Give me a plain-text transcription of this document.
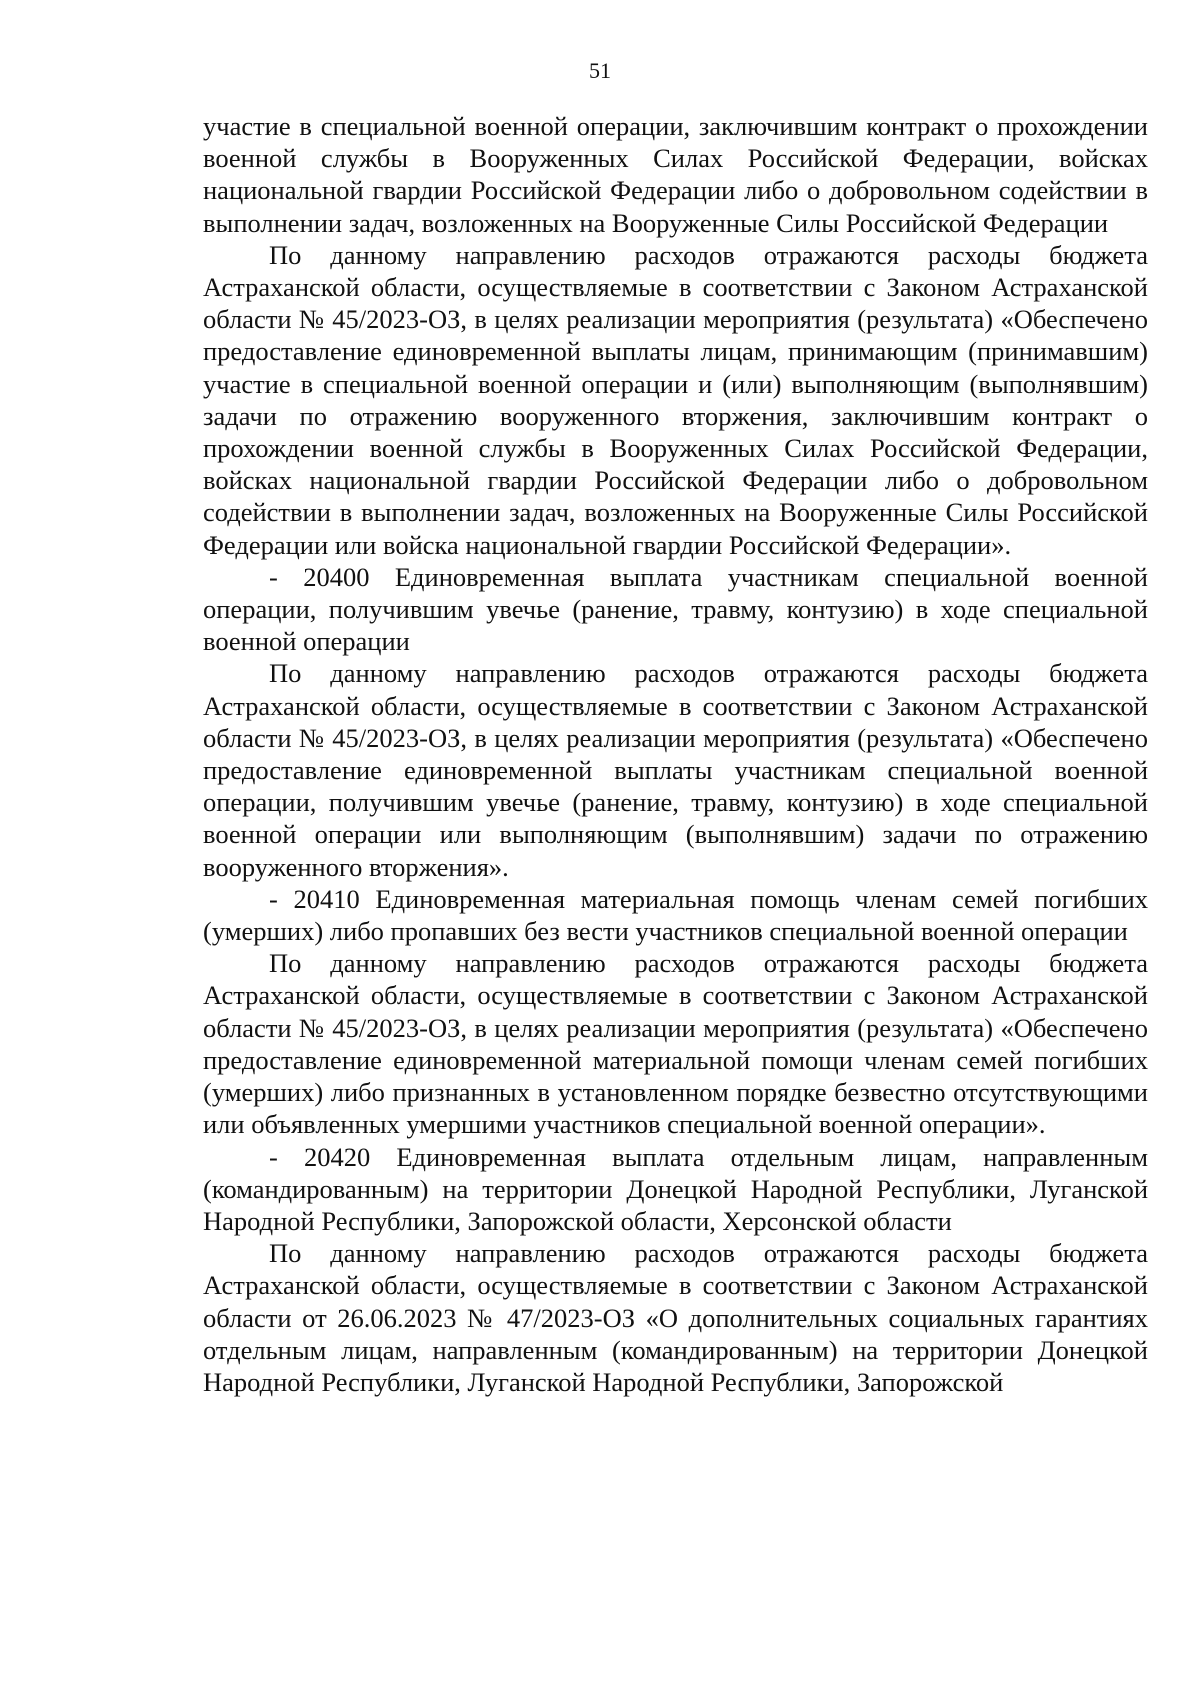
51

участие в специальной военной операции, заключившим контракт о прохождении военной службы в Вооруженных Силах Российской Федерации, войсках национальной гвардии Российской Федерации либо о добровольном содействии в выполнении задач, возложенных на Вооруженные Силы Российской Федерации

По данному направлению расходов отражаются расходы бюджета Астраханской области, осуществляемые в соответствии с Законом Астраханской области № 45/2023-ОЗ, в целях реализации мероприятия (результата) «Обеспечено предоставление единовременной выплаты лицам, принимающим (принимавшим) участие в специальной военной операции и (или) выполняющим (выполнявшим) задачи по отражению вооруженного вторжения, заключившим контракт о прохождении военной службы в Вооруженных Силах Российской Федерации, войсках национальной гвардии Российской Федерации либо о добровольном содействии в выполнении задач, возложенных на Вооруженные Силы Российской Федерации или войска национальной гвардии Российской Федерации».

- 20400 Единовременная выплата участникам специальной военной операции, получившим увечье (ранение, травму, контузию) в ходе специальной военной операции

По данному направлению расходов отражаются расходы бюджета Астраханской области, осуществляемые в соответствии с Законом Астраханской области № 45/2023-ОЗ, в целях реализации мероприятия (результата) «Обеспечено предоставление единовременной выплаты участникам специальной военной операции, получившим увечье (ранение, травму, контузию) в ходе специальной военной операции или выполняющим (выполнявшим) задачи по отражению вооруженного вторжения».

- 20410 Единовременная материальная помощь членам семей погибших (умерших) либо пропавших без вести участников специальной военной операции

По данному направлению расходов отражаются расходы бюджета Астраханской области, осуществляемые в соответствии с Законом Астраханской области № 45/2023-ОЗ, в целях реализации мероприятия (результата) «Обеспечено предоставление единовременной материальной помощи членам семей погибших (умерших) либо признанных в установленном порядке безвестно отсутствующими или объявленных умершими участников специальной военной операции».

- 20420 Единовременная выплата отдельным лицам, направленным (командированным) на территории Донецкой Народной Республики, Луганской Народной Республики, Запорожской области, Херсонской области

По данному направлению расходов отражаются расходы бюджета Астраханской области, осуществляемые в соответствии с Законом Астраханской области от 26.06.2023 № 47/2023-ОЗ «О дополнительных социальных гарантиях отдельным лицам, направленным (командированным) на территории Донецкой Народной Республики, Луганской Народной Республики, Запорожской
